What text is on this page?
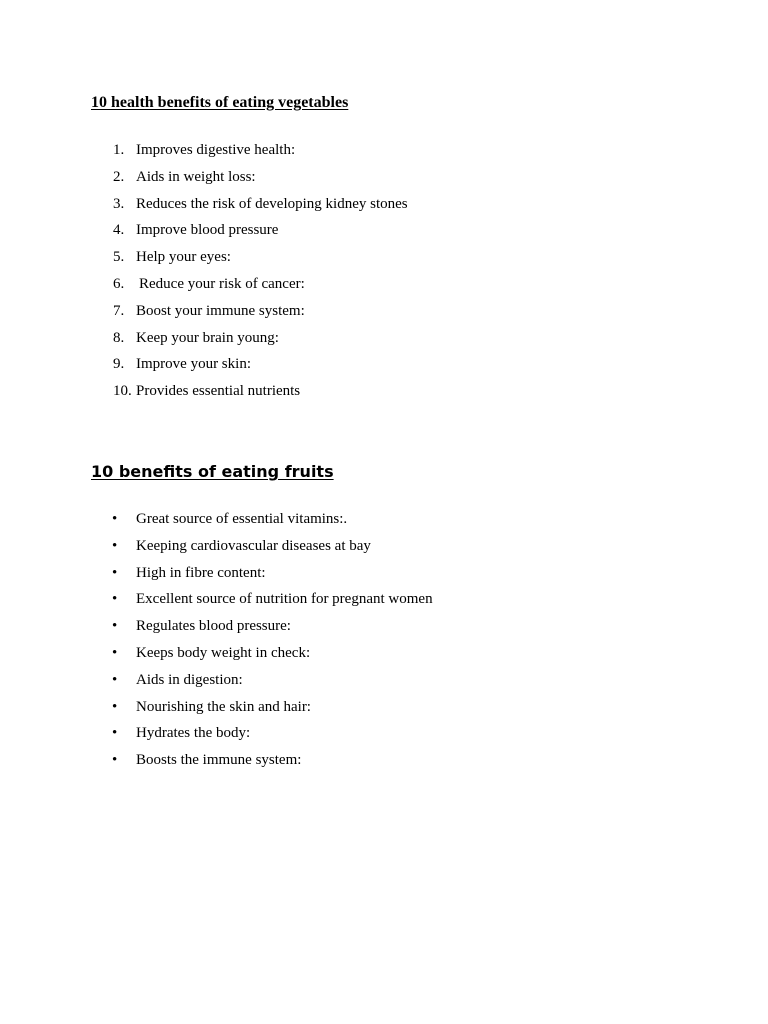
10 health benefits of eating vegetables
1. Improves digestive health:
2. Aids in weight loss:
3. Reduces the risk of developing kidney stones
4. Improve blood pressure
5. Help your eyes:
6. Reduce your risk of cancer:
7. Boost your immune system:
8. Keep your brain young:
9. Improve your skin:
10. Provides essential nutrients
10 benefits of eating fruits
• Great source of essential vitamins:.
• Keeping cardiovascular diseases at bay
• High in fibre content:
• Excellent source of nutrition for pregnant women
• Regulates blood pressure:
• Keeps body weight in check:
• Aids in digestion:
• Nourishing the skin and hair:
• Hydrates the body:
• Boosts the immune system:
